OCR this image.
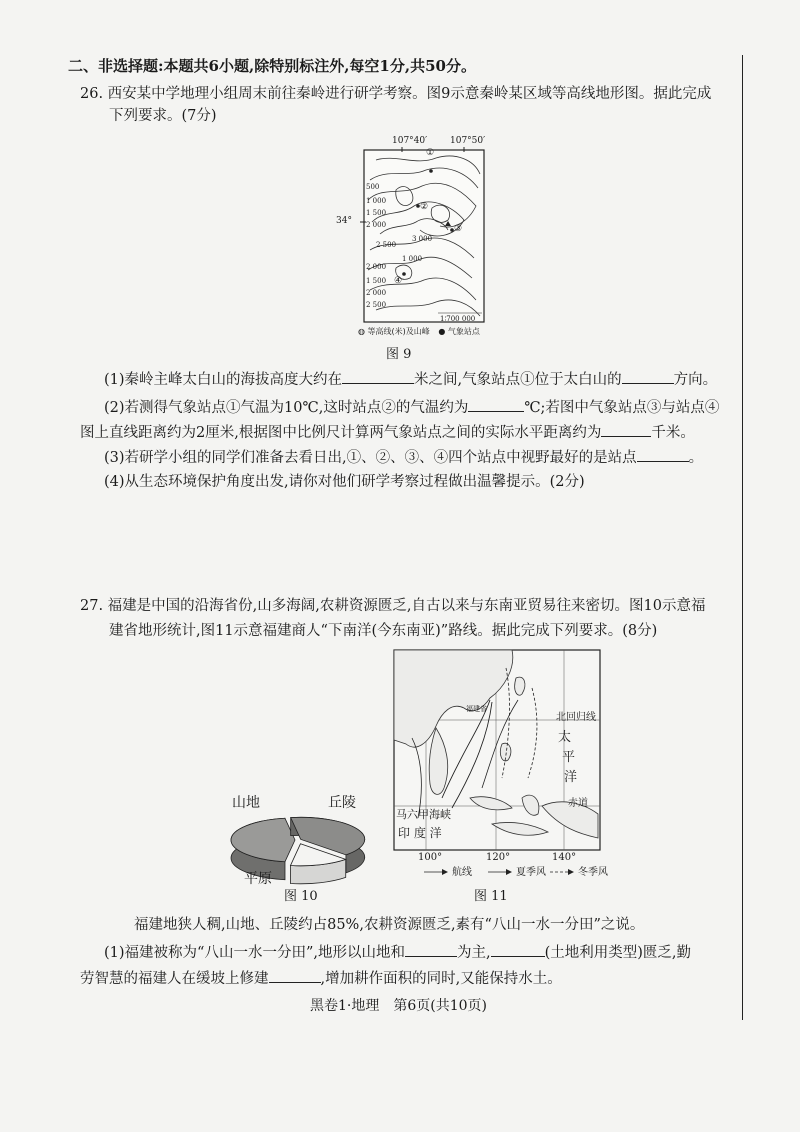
二、非选择题:本题共6小题,除特别标注外,每空1分,共50分。
26. 西安某中学地理小组周末前往秦岭进行研学考察。图9示意秦岭某区域等高线地形图。据此完成
下列要求。(7分)
107°40′	107°50′
34°
①
②
③
④
500
1 000
1 500
2 000
2 500
3 000
1 000
2 000
1 500
2 000
2 500
1∶700 000
◍ 等高线(米)及山峰 ● 气象站点
图 9
(1)秦岭主峰太白山的海拔高度大约在	米之间,气象站点①位于太白山的	方向。
(2)若测得气象站点①气温为10℃,这时站点②的气温约为	℃;若图中气象站点③与站点④
图上直线距离约为2厘米,根据图中比例尺计算两气象站点之间的实际水平距离约为	千米。
(3)若研学小组的同学们准备去看日出,①、②、③、④四个站点中视野最好的是站点	。
(4)从生态环境保护角度出发,请你对他们研学考察过程做出温馨提示。(2分)
27. 福建是中国的沿海省份,山多海阔,农耕资源匮乏,自古以来与东南亚贸易往来密切。图10示意福
建省地形统计,图11示意福建商人“下南洋(今东南亚)”路线。据此完成下列要求。(8分)
山地	丘陵
平原
图 10
福建省
北回归线
太
平
洋
赤道
马六甲海峡
印 度 洋
100°	120°	140°
航线	夏季风	冬季风
图 11
福建地狭人稠,山地、丘陵约占85%,农耕资源匮乏,素有“八山一水一分田”之说。
(1)福建被称为“八山一水一分田”,地形以山地和	为主,	(土地利用类型)匮乏,勤
劳智慧的福建人在缓坡上修建	,增加耕作面积的同时,又能保持水土。
黑卷1·地理　第6页(共10页)
